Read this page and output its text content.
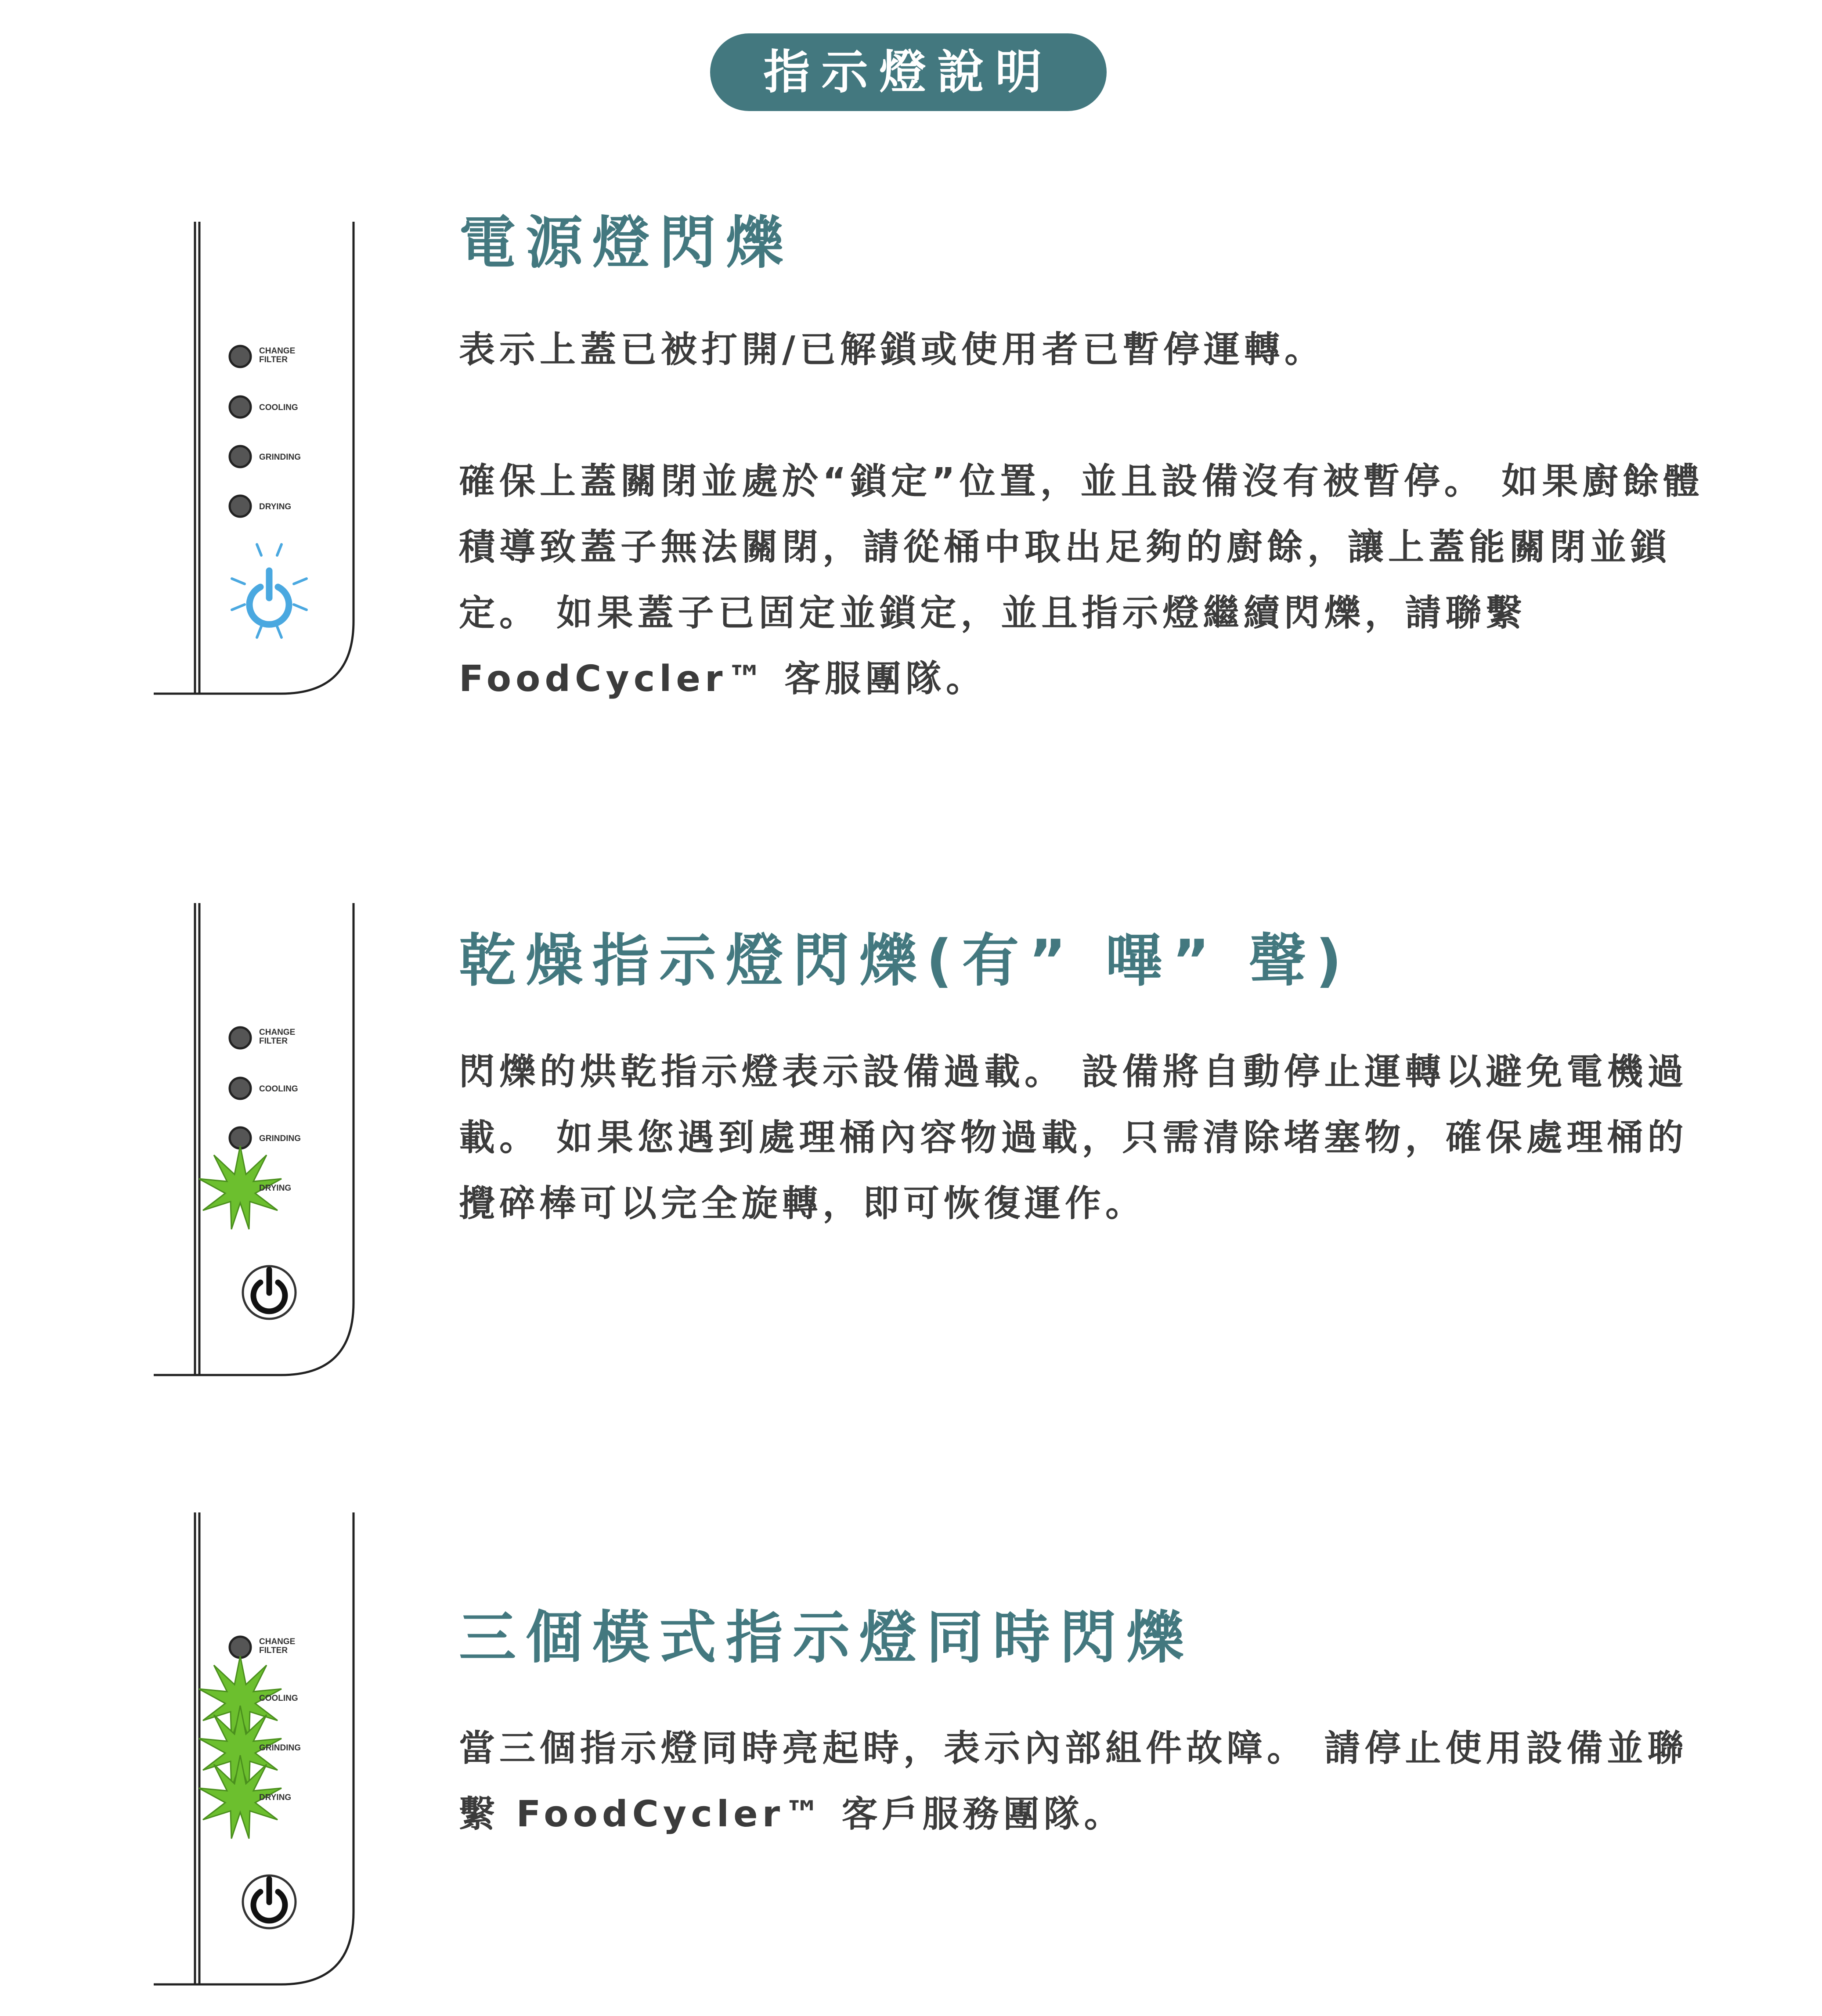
指示燈說明
CHANGE
FILTER
COOLING
GRINDING
DRYING
電源燈閃爍

表示上蓋已被打開/已解鎖或使用者已暫停運轉。

確保上蓋關閉並處於“鎖定”位置，並且設備沒有被暫停。 如果廚餘體積導致蓋子無法關閉，請從桶中取出足夠的廚餘，讓上蓋能關閉並鎖定。 如果蓋子已固定並鎖定，並且指示燈繼續閃爍，請聯繫 FoodCycler™ 客服團隊。

CHANGE
FILTER
COOLING
GRINDING
DRYING
乾燥指示燈閃爍(有” 嗶” 聲)

閃爍的烘乾指示燈表示設備過載。 設備將自動停止運轉以避免電機過載。 如果您遇到處理桶內容物過載，只需清除堵塞物，確保處理桶的攪碎棒可以完全旋轉，即可恢復運作。

CHANGE
FILTER
COOLING
GRINDING
DRYING
三個模式指示燈同時閃爍

當三個指示燈同時亮起時，表示內部組件故障。 請停止使用設備並聯繫 FoodCycler™ 客戶服務團隊。
